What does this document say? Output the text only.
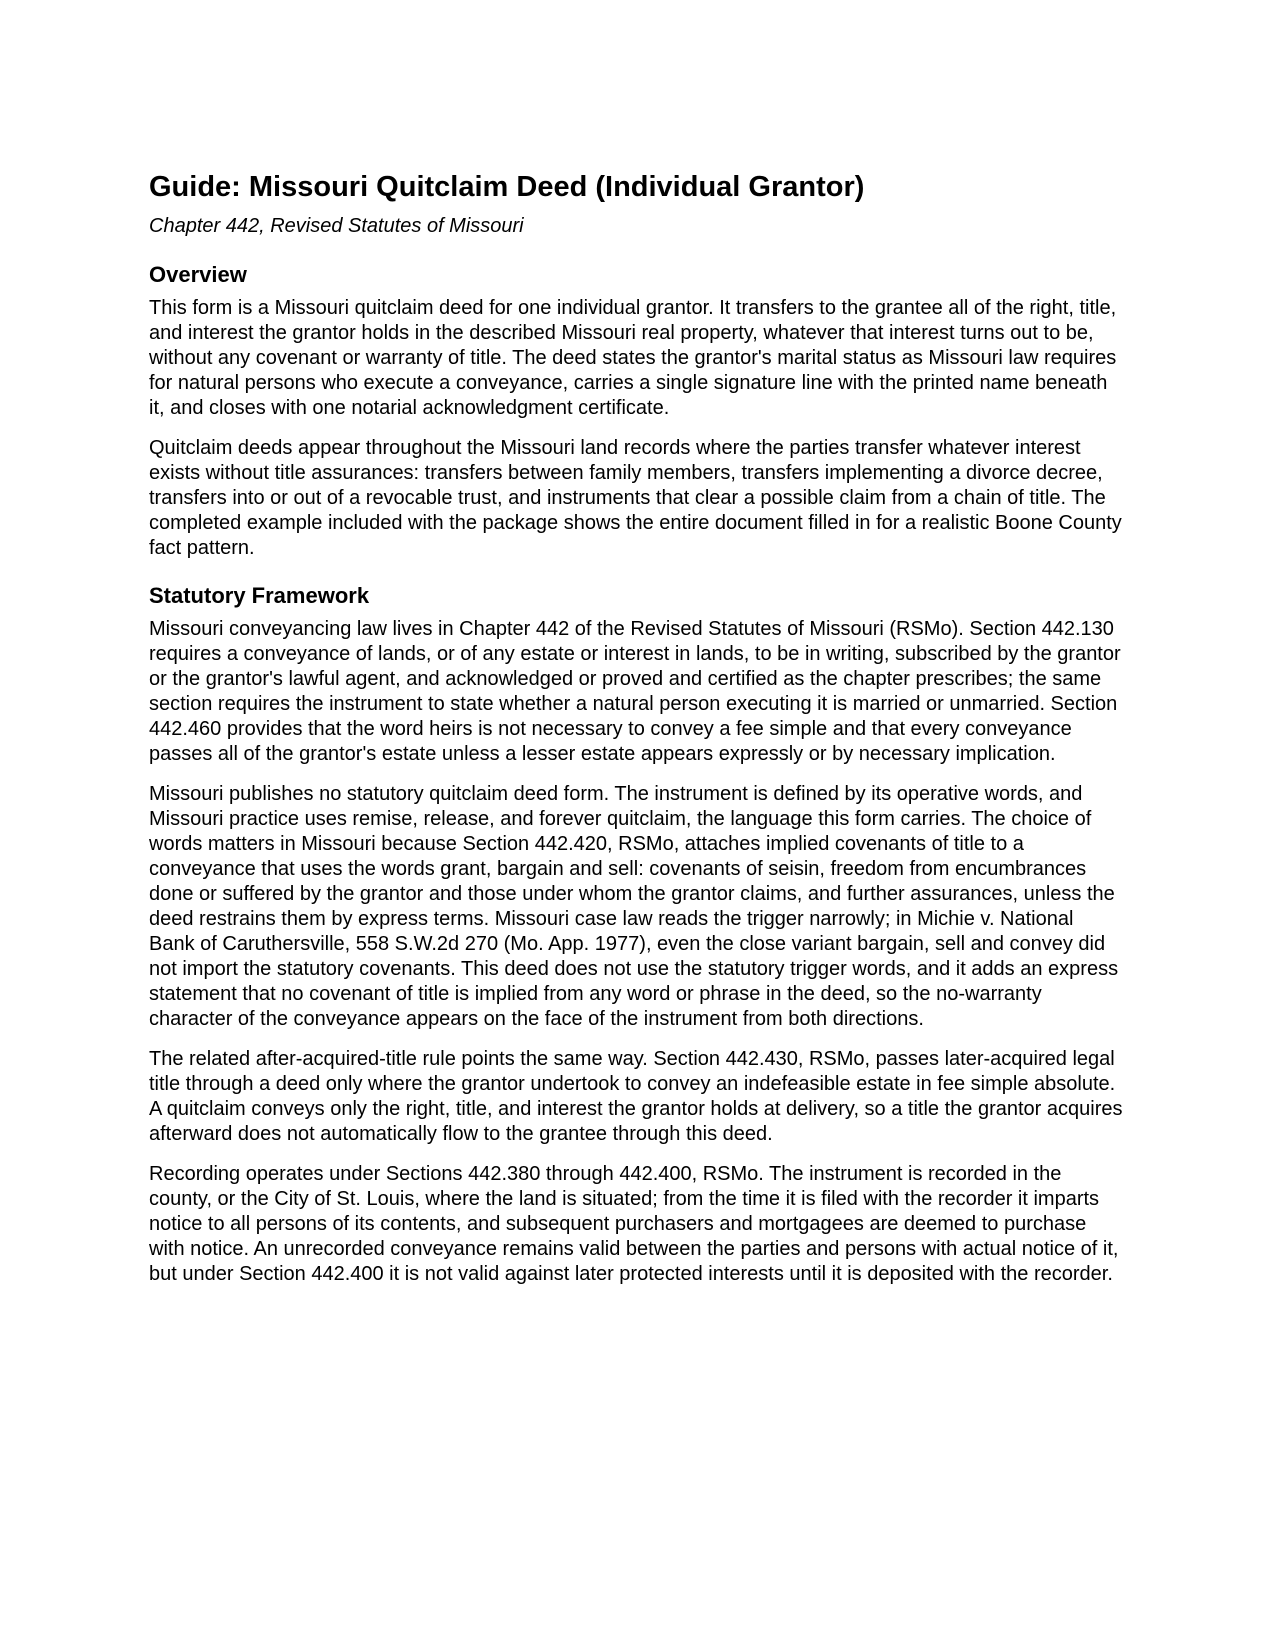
Guide: Missouri Quitclaim Deed (Individual Grantor)
Chapter 442, Revised Statutes of Missouri
Overview

This form is a Missouri quitclaim deed for one individual grantor. It transfers to the grantee all of the right, title, and interest the grantor holds in the described Missouri real property, whatever that interest turns out to be, without any covenant or warranty of title. The deed states the grantor's marital status as Missouri law requires for natural persons who execute a conveyance, carries a single signature line with the printed name beneath it, and closes with one notarial acknowledgment certificate.

Quitclaim deeds appear throughout the Missouri land records where the parties transfer whatever interest exists without title assurances: transfers between family members, transfers implementing a divorce decree, transfers into or out of a revocable trust, and instruments that clear a possible claim from a chain of title. The completed example included with the package shows the entire document filled in for a realistic Boone County fact pattern.

Statutory Framework

Missouri conveyancing law lives in Chapter 442 of the Revised Statutes of Missouri (RSMo). Section 442.130 requires a conveyance of lands, or of any estate or interest in lands, to be in writing, subscribed by the grantor or the grantor's lawful agent, and acknowledged or proved and certified as the chapter prescribes; the same section requires the instrument to state whether a natural person executing it is married or unmarried. Section 442.460 provides that the word heirs is not necessary to convey a fee simple and that every conveyance passes all of the grantor's estate unless a lesser estate appears expressly or by necessary implication.

Missouri publishes no statutory quitclaim deed form. The instrument is defined by its operative words, and Missouri practice uses remise, release, and forever quitclaim, the language this form carries. The choice of words matters in Missouri because Section 442.420, RSMo, attaches implied covenants of title to a conveyance that uses the words grant, bargain and sell: covenants of seisin, freedom from encumbrances done or suffered by the grantor and those under whom the grantor claims, and further assurances, unless the deed restrains them by express terms. Missouri case law reads the trigger narrowly; in Michie v. National Bank of Caruthersville, 558 S.W.2d 270 (Mo. App. 1977), even the close variant bargain, sell and convey did not import the statutory covenants. This deed does not use the statutory trigger words, and it adds an express statement that no covenant of title is implied from any word or phrase in the deed, so the no-warranty character of the conveyance appears on the face of the instrument from both directions.

The related after-acquired-title rule points the same way. Section 442.430, RSMo, passes later-acquired legal title through a deed only where the grantor undertook to convey an indefeasible estate in fee simple absolute. A quitclaim conveys only the right, title, and interest the grantor holds at delivery, so a title the grantor acquires afterward does not automatically flow to the grantee through this deed.

Recording operates under Sections 442.380 through 442.400, RSMo. The instrument is recorded in the county, or the City of St. Louis, where the land is situated; from the time it is filed with the recorder it imparts notice to all persons of its contents, and subsequent purchasers and mortgagees are deemed to purchase with notice. An unrecorded conveyance remains valid between the parties and persons with actual notice of it, but under Section 442.400 it is not valid against later protected interests until it is deposited with the recorder.
